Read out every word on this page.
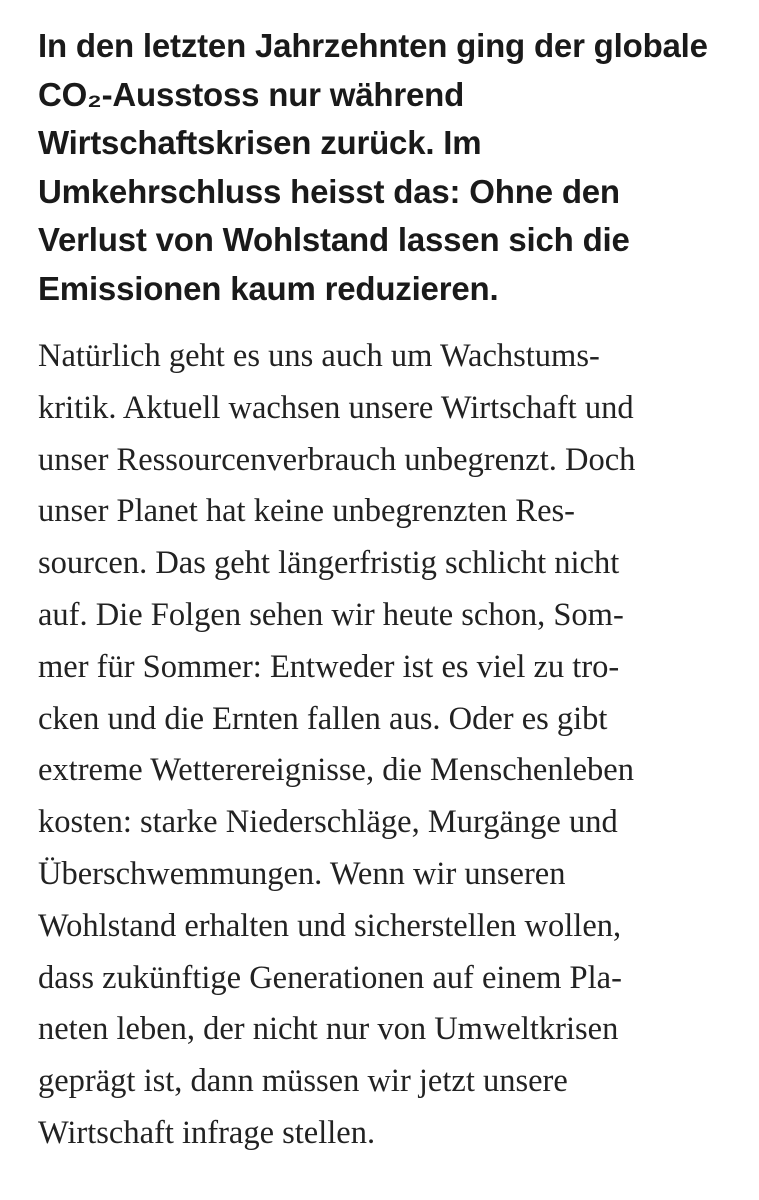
In den letzten Jahrzehnten ging der globale
CO₂-Ausstoss nur während
Wirtschaftskrisen zurück. Im
Umkehrschluss heisst das: Ohne den
Verlust von Wohlstand lassen sich die
Emissionen kaum reduzieren.

Natürlich geht es uns auch um Wachstums-
kritik. Aktuell wachsen unsere Wirtschaft und
unser Ressourcenverbrauch unbegrenzt. Doch
unser Planet hat keine unbegrenzten Res-
sourcen. Das geht längerfristig schlicht nicht
auf. Die Folgen sehen wir heute schon, Som-
mer für Sommer: Entweder ist es viel zu tro-
cken und die Ernten fallen aus. Oder es gibt
extreme Wetterereignisse, die Menschenleben
kosten: starke Niederschläge, Murgänge und
Überschwemmungen. Wenn wir unseren
Wohlstand erhalten und sicherstellen wollen,
dass zukünftige Generationen auf einem Pla-
neten leben, der nicht nur von Umweltkrisen
geprägt ist, dann müssen wir jetzt unsere
Wirtschaft infrage stellen.
